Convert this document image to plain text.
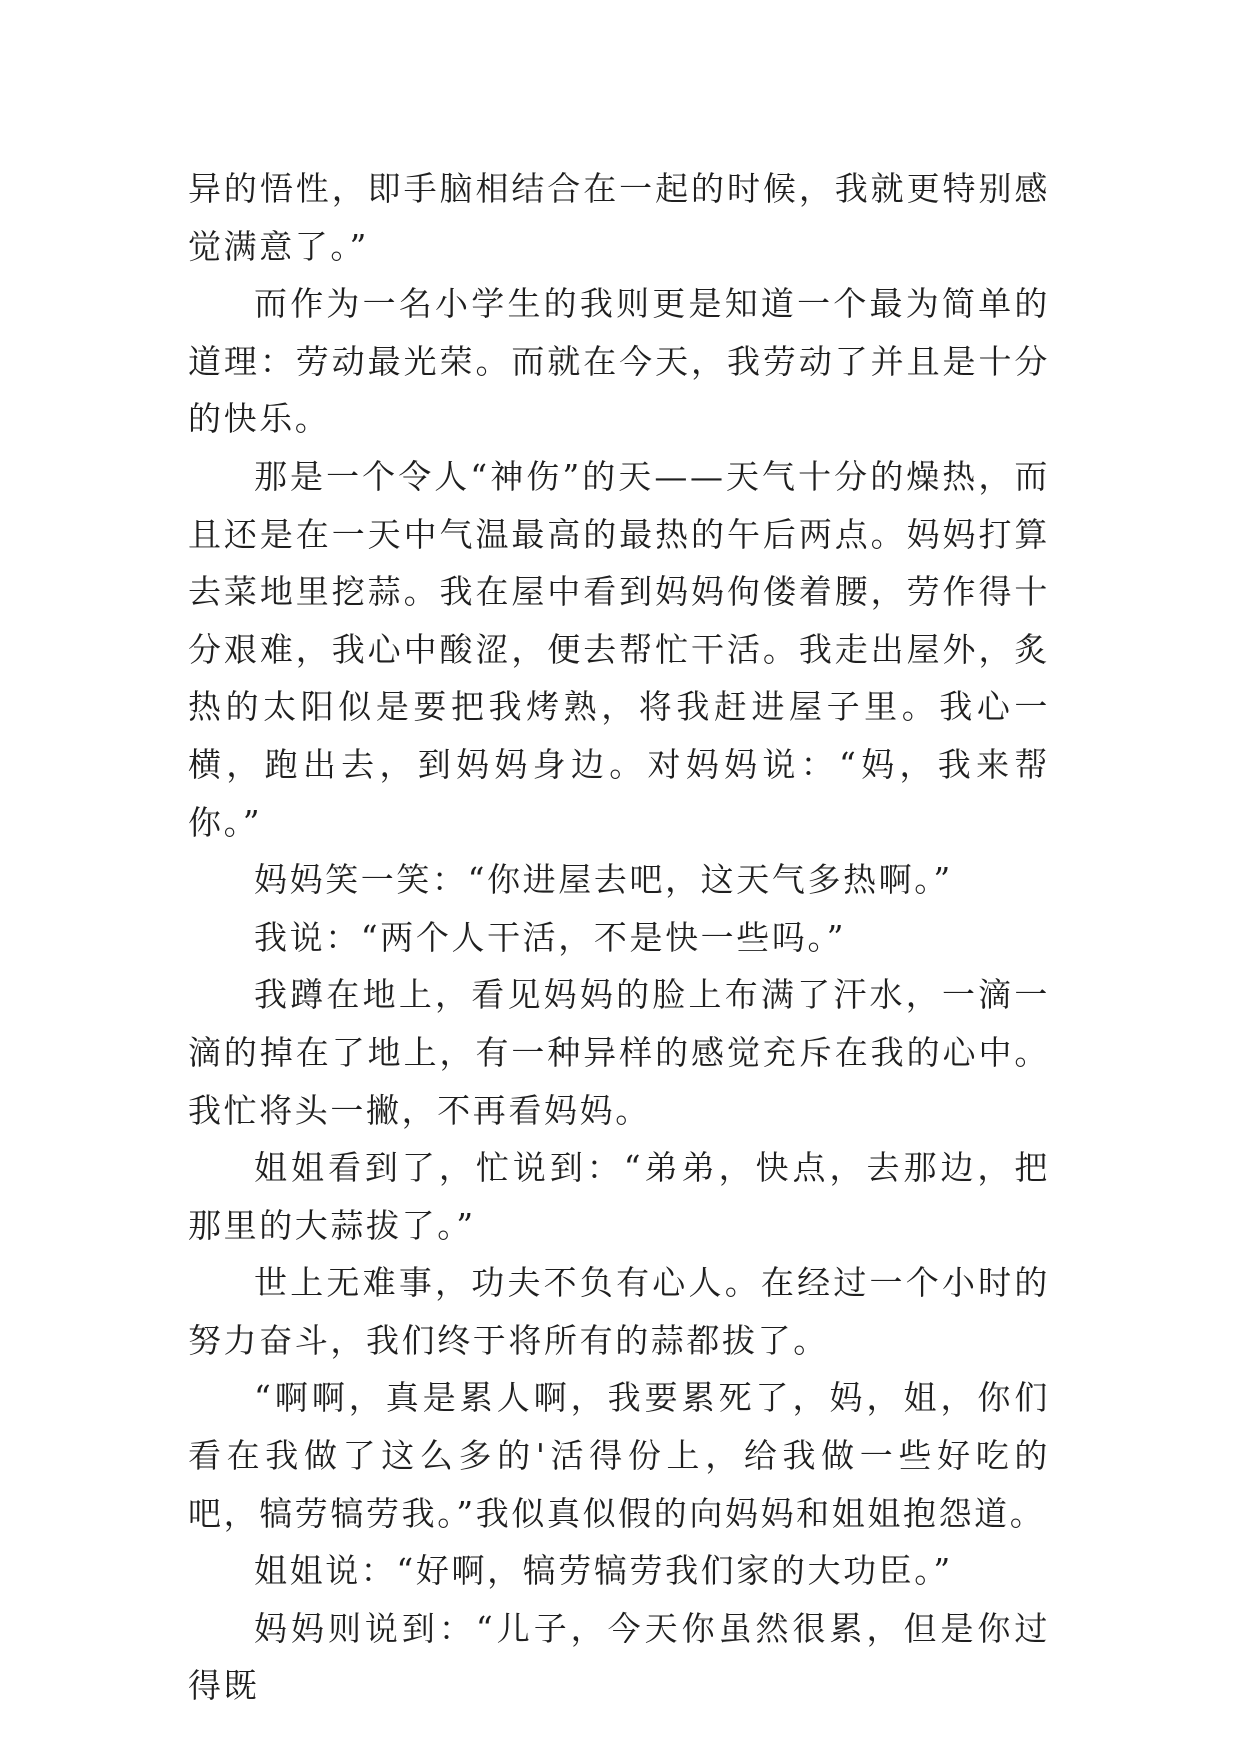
异的悟性，即手脑相结合在一起的时候，我就更特别感觉满意了。”

而作为一名小学生的我则更是知道一个最为简单的道理：劳动最光荣。而就在今天，我劳动了并且是十分的快乐。

那是一个令人“神伤”的天——天气十分的燥热，而且还是在一天中气温最高的最热的午后两点。妈妈打算去菜地里挖蒜。我在屋中看到妈妈佝偻着腰，劳作得十分艰难，我心中酸涩，便去帮忙干活。我走出屋外，炙热的太阳似是要把我烤熟，将我赶进屋子里。我心一横，跑出去，到妈妈身边。对妈妈说：“妈，我来帮你。”

妈妈笑一笑：“你进屋去吧，这天气多热啊。”

我说：“两个人干活，不是快一些吗。”

我蹲在地上，看见妈妈的脸上布满了汗水，一滴一滴的掉在了地上，有一种异样的感觉充斥在我的心中。我忙将头一撇，不再看妈妈。

姐姐看到了，忙说到：“弟弟，快点，去那边，把那里的大蒜拔了。”

世上无难事，功夫不负有心人。在经过一个小时的努力奋斗，我们终于将所有的蒜都拔了。

“啊啊，真是累人啊，我要累死了，妈，姐，你们看在我做了这么多的'活得份上，给我做一些好吃的吧，犒劳犒劳我。”我似真似假的向妈妈和姐姐抱怨道。

姐姐说：“好啊，犒劳犒劳我们家的大功臣。”

妈妈则说到：“儿子，今天你虽然很累，但是你过得既
